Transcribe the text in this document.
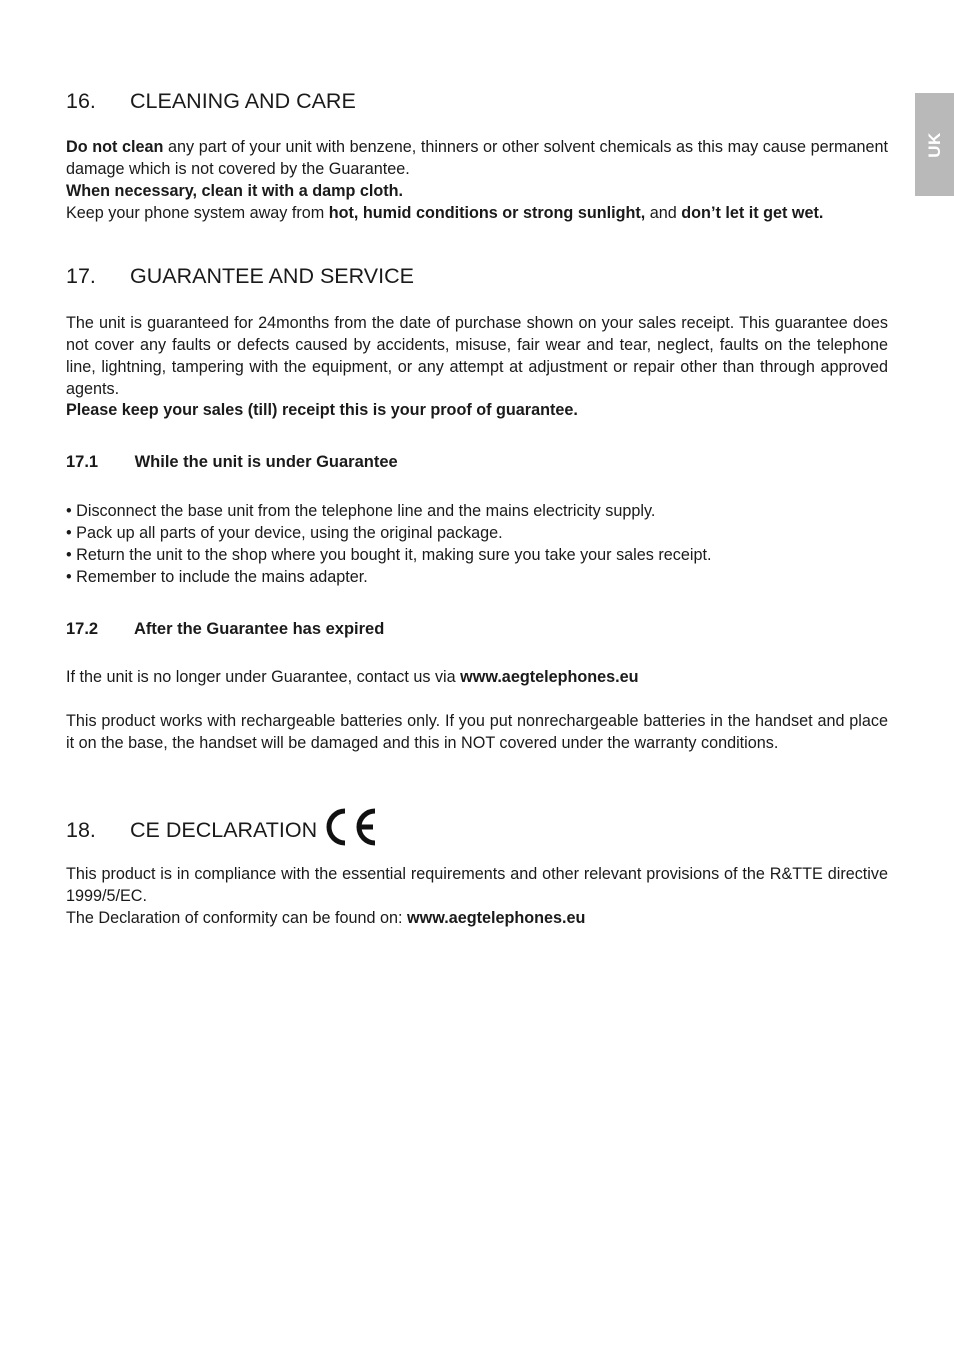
UK
16.	CLEANING AND CARE
Do not clean any part of your unit with benzene, thinners or other solvent chemicals as this may cause permanent damage which is not covered by the Guarantee.
When necessary, clean it with a damp cloth.
Keep your phone system away from hot, humid conditions or strong sunlight, and don’t let it get wet.
17.	GUARANTEE AND SERVICE
The unit is guaranteed for 24months from the date of purchase shown on your sales receipt. This guarantee does not cover any faults or defects caused by accidents, misuse, fair wear and tear, neglect, faults on the telephone line, lightning, tampering with the equipment, or any attempt at adjustment or repair other than through approved agents.
Please keep your sales (till) receipt this is your proof of guarantee.
17.1 While the unit is under Guarantee
• Disconnect the base unit from the telephone line and the mains electricity supply.
• Pack up all parts of your device, using the original package.
• Return the unit to the shop where you bought it, making sure you take your sales receipt.
• Remember to include the mains adapter.
17.2 After the Guarantee has expired
If the unit is no longer under Guarantee, contact us via www.aegtelephones.eu
This product works with rechargeable batteries only. If you put nonrechargeable batteries in the handset and place it on the base, the handset will be damaged and this in NOT covered under the warranty conditions.
18.	CE DECLARATION
This product is in compliance with the essential requirements and other relevant provisions of the R&TTE directive 1999/5/EC.
The Declaration of conformity can be found on: www.aegtelephones.eu
